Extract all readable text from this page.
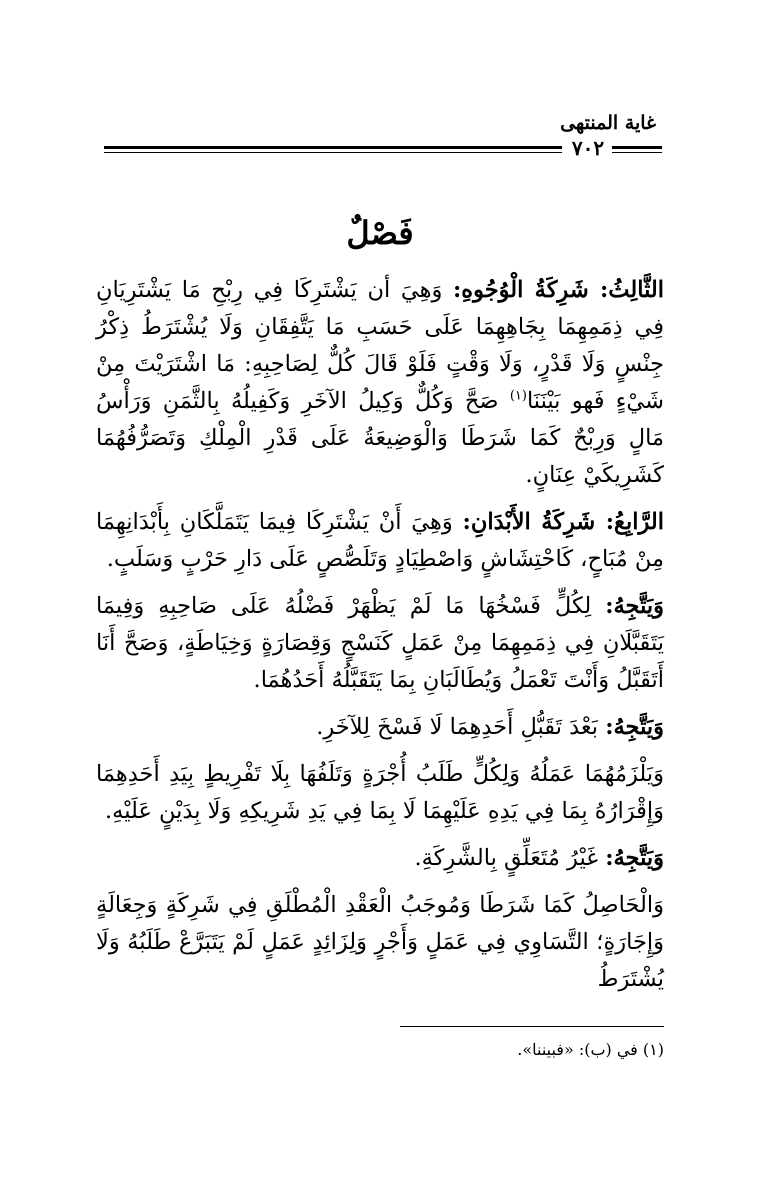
غاية المنتهى
٧٠٢
فَصْلٌ

الثَّالِثُ: شَرِكَةُ الْوُجُوهِ: وَهِيَ أن يَشْتَرِكَا فِي رِبْحِ مَا يَشْتَرِيَانِ فِي ذِمَمِهِمَا بِجَاهِهِمَا عَلَى حَسَبِ مَا يَتَّفِقَانِ وَلَا يُشْتَرَطُ ذِكْرُ جِنْسٍ وَلَا قَدْرٍ، وَلَا وَقْتٍ فَلَوْ قَالَ كُلٌّ لِصَاحِبِهِ: مَا اشْتَرَيْتَ مِنْ شَيْءٍ فَهو بَيْنَنَا$^{(١)}$ صَحَّ وَكُلٌّ وَكِيلُ الآخَرِ وَكَفِيلُهُ بِالثَّمَنِ وَرَأْسُ مَالٍ وَرِبْحٌ كَمَا شَرَطَا وَالْوَضِيعَةُ عَلَى قَدْرِ الْمِلْكِ وَتَصَرُّفُهُمَا كَشَرِيكَيْ عِنَانٍ.

الرَّابِعُ: شَرِكَةُ الأَبْدَانِ: وَهِيَ أَنْ يَشْتَرِكَا فِيمَا يَتَمَلَّكَانِ بِأَبْدَانِهِمَا مِنْ مُبَاحٍ، كَاحْتِشَاشٍ وَاصْطِيَادٍ وَتَلَصُّصٍ عَلَى دَارِ حَرْبٍ وَسَلَبٍ.

وَيَتَّجِهُ: لِكُلٍّ فَسْخُهَا مَا لَمْ يَظْهَرْ فَضْلُهُ عَلَى صَاحِبِهِ وَفِيمَا يَتَقَبَّلَانِ فِي ذِمَمِهِمَا مِنْ عَمَلٍ كَنَسْجٍ وَقِصَارَةٍ وَخِيَاطَةٍ، وَصَحَّ أَنَا أَتَقَبَّلُ وَأَنْتَ تَعْمَلُ وَيُطَالَبَانِ بِمَا يَتَقَبَّلُهُ أَحَدُهُمَا.

وَيَتَّجِهُ: بَعْدَ تَقَبُّلِ أَحَدِهِمَا لَا فَسْخَ لِلآخَرِ.

وَيَلْزَمُهُمَا عَمَلُهُ وَلِكُلٍّ طَلَبُ أُجْرَةٍ وَتَلَفُهَا بِلَا تَفْرِيطٍ بِيَدِ أَحَدِهِمَا وَإِقْرَارُهُ بِمَا فِي يَدِهِ عَلَيْهِمَا لَا بِمَا فِي يَدِ شَرِيكِهِ وَلَا بِدَيْنٍ عَلَيْهِ.

وَيَتَّجِهُ: غَيْرُ مُتَعَلِّقٍ بِالشَّرِكَةِ.

وَالْحَاصِلُ كَمَا شَرَطَا وَمُوجَبُ الْعَقْدِ الْمُطْلَقِ فِي شَرِكَةٍ وَجِعَالَةٍ وَإِجَارَةٍ؛ التَّسَاوِي فِي عَمَلٍ وَأَجْرٍ وَلِزَائِدٍ عَمَلٍ لَمْ يَتَبَرَّعْ طَلَبُهُ وَلَا يُشْتَرَطُ

(١) في (ب): «فبيننا».
